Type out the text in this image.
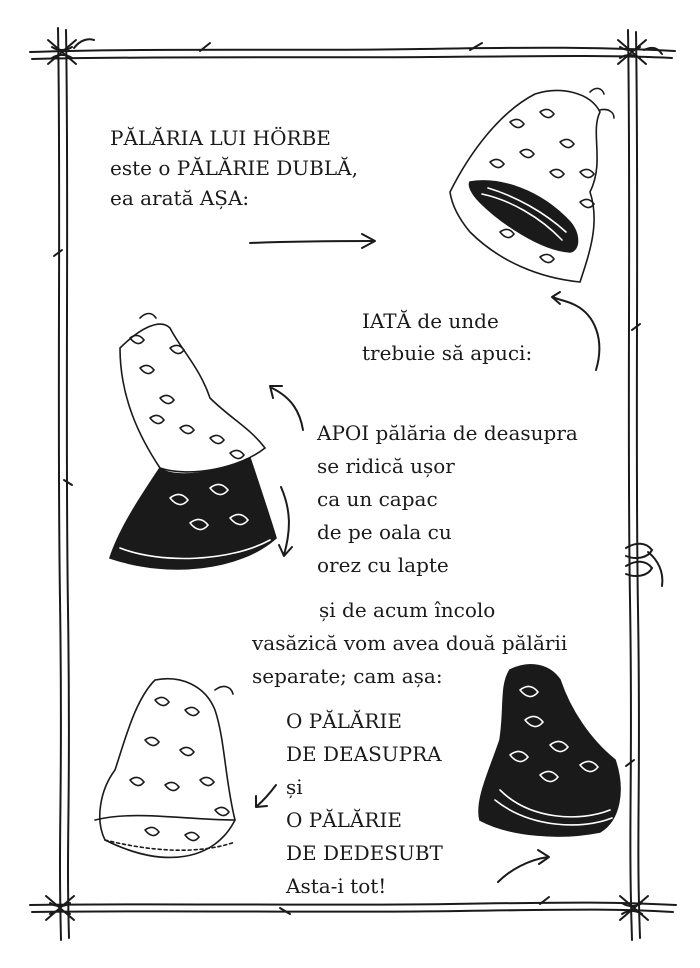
PĂLĂRIA LUI HÖRBE
este o PĂLĂRIE DUBLĂ,
ea arată AȘA:
IATĂ de unde
trebuie să apuci:
APOI pălăria de deasupra
se ridică ușor
ca un capac
de pe oala cu
orez cu lapte
și de acum încolo
vasăzică vom avea două pălării
separate; cam așa:
O PĂLĂRIE
DE DEASUPRA
și
O PĂLĂRIE
DE DEDESUBT
Asta-i tot!
